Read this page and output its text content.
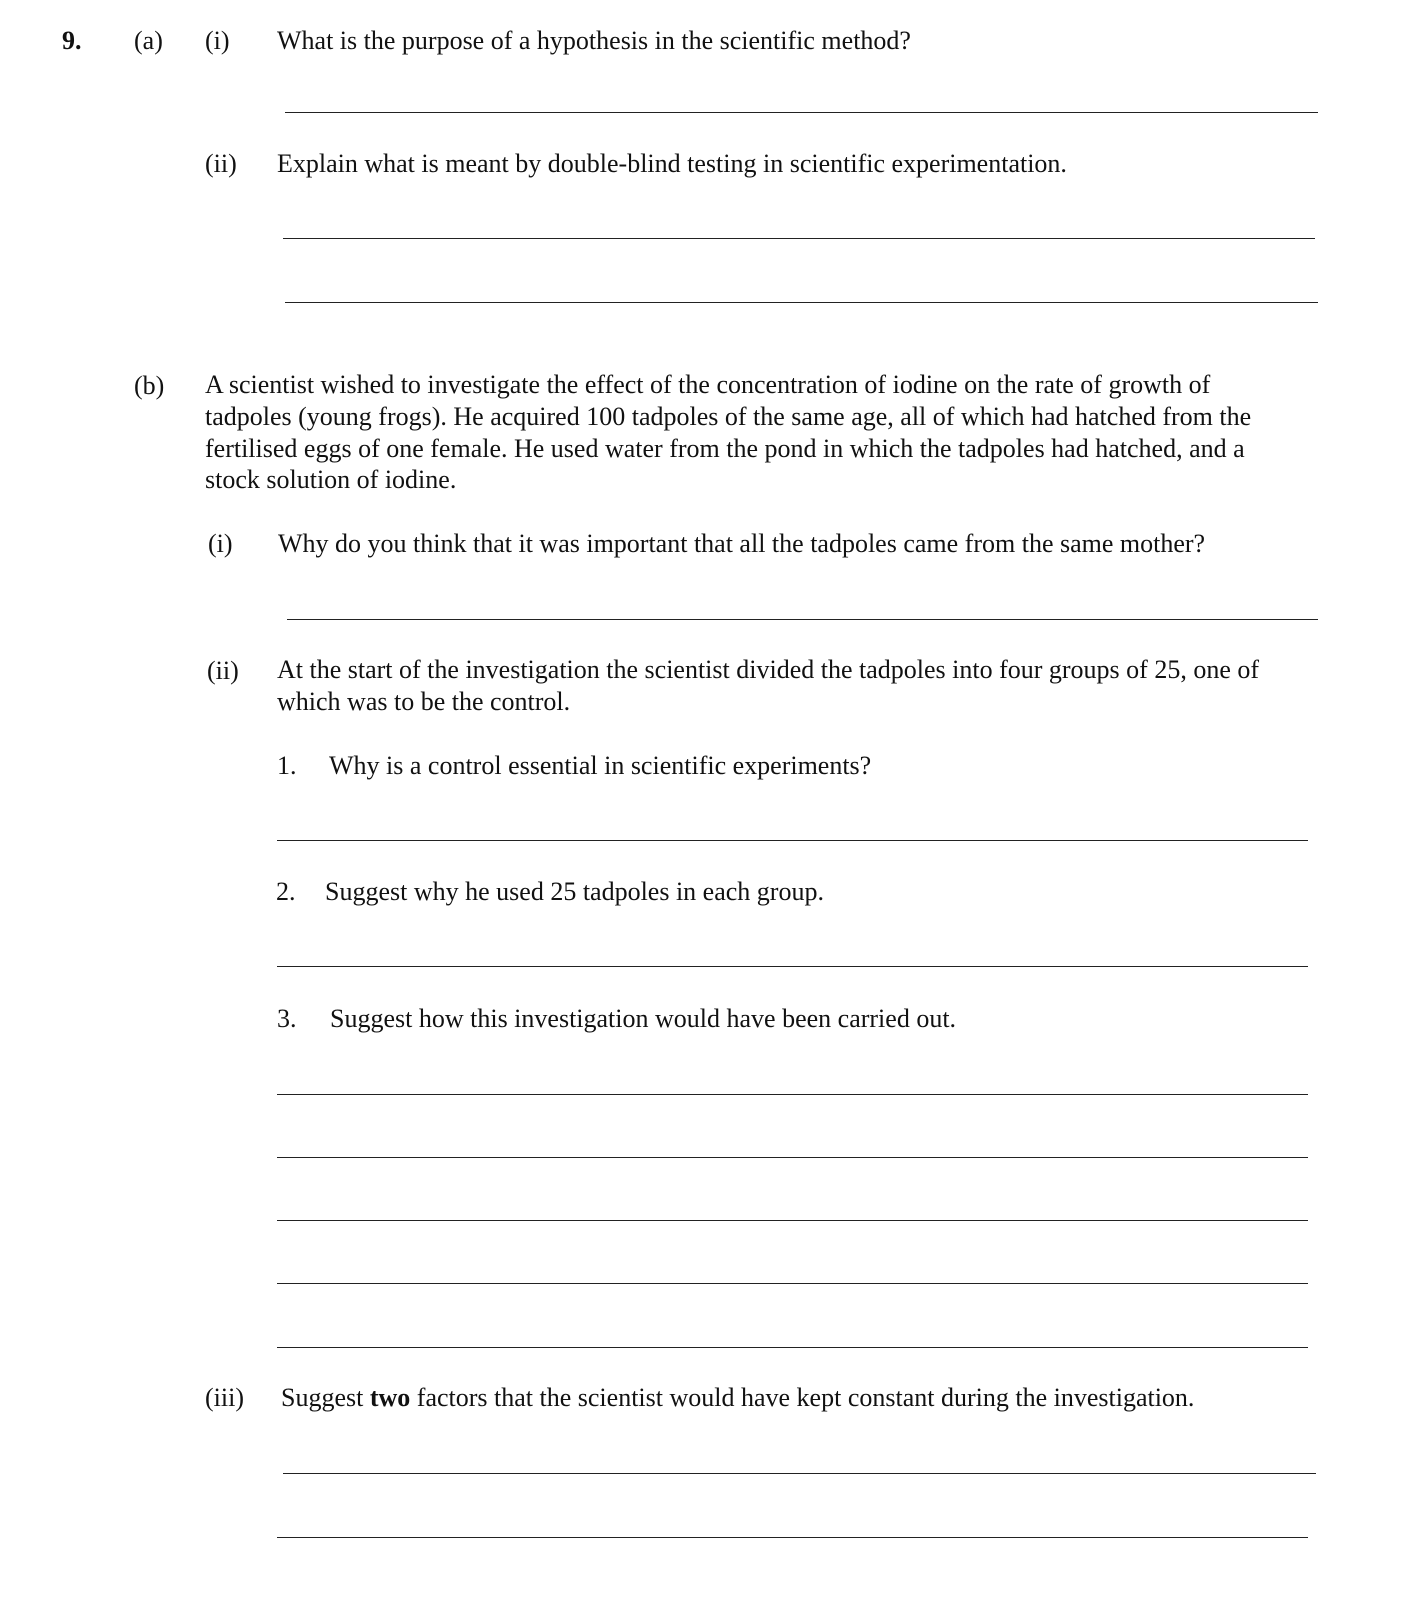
9. (a) (i) What is the purpose of a hypothesis in the scientific method?
(ii) Explain what is meant by double-blind testing in scientific experimentation.
(b) A scientist wished to investigate the effect of the concentration of iodine on the rate of growth of
tadpoles (young frogs). He acquired 100 tadpoles of the same age, all of which had hatched from the
fertilised eggs of one female. He used water from the pond in which the tadpoles had hatched, and a
stock solution of iodine.
(i) Why do you think that it was important that all the tadpoles came from the same mother?
(ii) At the start of the investigation the scientist divided the tadpoles into four groups of 25, one of
which was to be the control.
1. Why is a control essential in scientific experiments?
2. Suggest why he used 25 tadpoles in each group.
3. Suggest how this investigation would have been carried out.
(iii) Suggest two factors that the scientist would have kept constant during the investigation.
